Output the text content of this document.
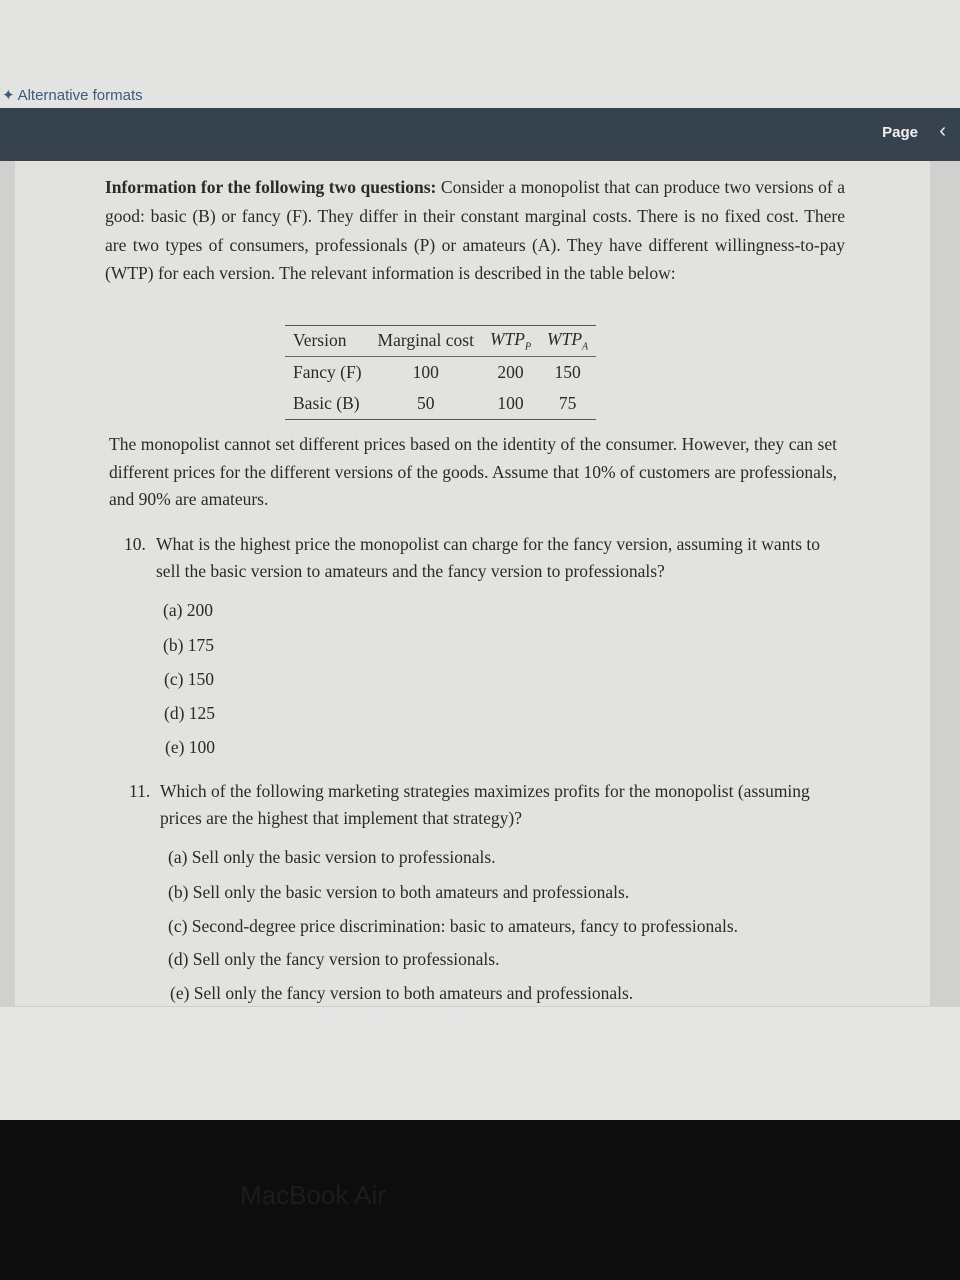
✦ Alternative formats
Page ‹
Information for the following two questions: Consider a monopolist that can produce two versions of a good: basic (B) or fancy (F). They differ in their constant marginal costs. There is no fixed cost. There are two types of consumers, professionals (P) or amateurs (A). They have different willingness-to-pay (WTP) for each version. The relevant information is described in the table below:
Version	Marginal cost	$WTP_P$	$WTP_A$
Fancy (F)	100	200	150
Basic (B)	50	100	75
The monopolist cannot set different prices based on the identity of the consumer. However, they can set different prices for the different versions of the goods. Assume that 10% of customers are professionals, and 90% are amateurs.
10. What is the highest price the monopolist can charge for the fancy version, assuming it wants to sell the basic version to amateurs and the fancy version to professionals?
(a) 200
(b) 175
(c) 150
(d) 125
(e) 100
11. Which of the following marketing strategies maximizes profits for the monopolist (assuming prices are the highest that implement that strategy)?
(a) Sell only the basic version to professionals.
(b) Sell only the basic version to both amateurs and professionals.
(c) Second-degree price discrimination: basic to amateurs, fancy to professionals.
(d) Sell only the fancy version to professionals.
(e) Sell only the fancy version to both amateurs and professionals.
MacBook Air
